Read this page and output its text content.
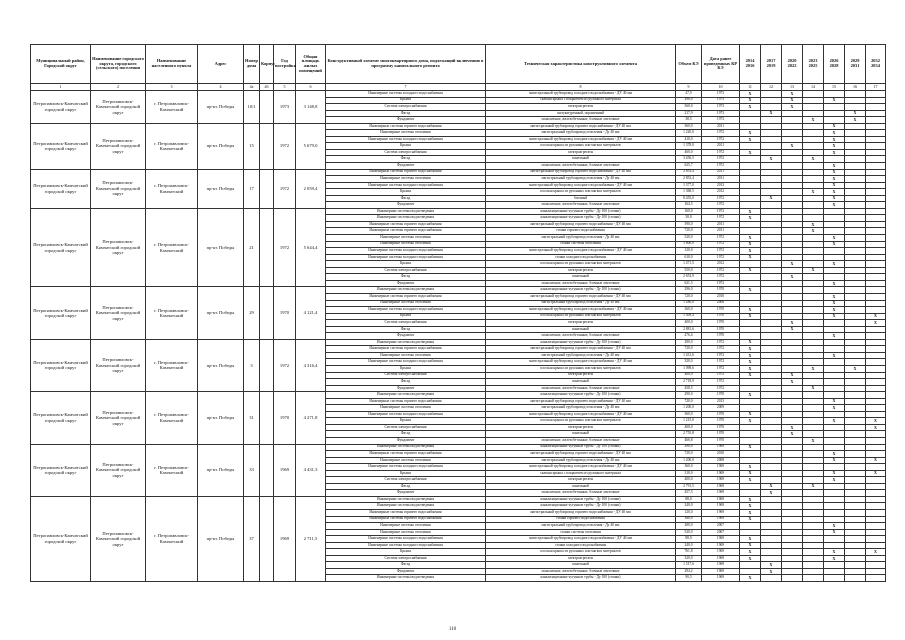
Муниципальный район, Городской округ	Наименование городского округа, городского (сельского) поселения	Наименование населенного пункта	Адрес	Номер дома	Корпус	Год постройки	Общая площадь жилых помещений	Конструктивный элемент многоквартирного дома, подлежащий включению в программу капитального ремонта	Техническая характеристика конструктивного элемента	Объем КЭ	Дата ранее проведенных КР КЭ	2014 2016	2017 2019	2020 2022	2023 2025	2026 2028	2029 2031	2032 2034
1	2	3	4	4а	4б	5	6	7	8	9	10	11	12	13	14	15	16	17
Петропавловск-Камчатский городской округ	Петропавловск-Камчатский городской округ	г. Петропавловск-Камчатский	пр-кт. Победы	10/1		1973	3 148,8	Инженерные системы холодного водоснабжения	магистральный трубопровод холодного водоснабжения - ДУ 40 мм	47,5	1973	X		X				
								Крыша	скатная крыша с покрытием из рулонного материала	296,0	1973	X		X		X		
								Система электроснабжения	электроагрегаты	560,0	1973	X		X				
								Фасад	оштукатуренный, окрашенный	217,9	1973		X				X	
								Фундамент	монолитные, железобетонные, блочные ленточные	38,5	1973				X		X	
Петропавловск-Камчатский городской округ	Петропавловск-Камчатский городской округ	г. Петропавловск-Камчатский	пр-кт. Победы	15		1972	5 679,0	Инженерные системы горячего водоснабжения	магистральный трубопровод горячего водоснабжения - ДУ 40 мм	360,0	2011					X		
								Инженерные системы отопления	магистральный трубопровод отопления - Ду 40 мм	1 220,0	1972	X				X		
								Инженерные системы холодного водоснабжения	магистральный трубопровод холодного водоснабжения - ДУ 40 мм	410,0	1972	X				X		
								Крыша	плоская крыша из рулонных или мягких материалов	1 378,0	2011			X		X		
								Система электроснабжения	электроагрегаты	460,0	1972	X				X		
								Фасад	панельный	3 456,5	1972		X		X			
								Фундамент	монолитные, железобетонные, блочные ленточные	625,7	1972					X		
Петропавловск-Камчатский городской округ	Петропавловск-Камчатский городской округ	г. Петропавловск-Камчатский	пр-кт. Победы	17		1972	2 059,4	Инженерные системы горячего водоснабжения	магистральный трубопровод горячего водоснабжения - ДУ 40 мм	2 853,4	2011					X		
								Инженерные системы отопления	магистральный трубопровод отопления - Ду 40 мм	2 853,4	2011					X		
								Инженерные системы холодного водоснабжения	магистральный трубопровод холодного водоснабжения - ДУ 40 мм	1 377,0	2013					X		
								Крыша	плоская крыша из рулонных или мягких материалов	1 368,5	2012				X	X		
								Фасад	блочный	8 455,0	1972		X			X		
								Фундамент	монолитные, железобетонные, блочные ленточные	164,5	1972					X		
Петропавловск-Камчатский городской округ	Петропавловск-Камчатский городской округ	г. Петропавловск-Камчатский	пр-кт. Победы	21		1972	5 644,4	Инженерные системы водоотведения	канализационные чугунные трубы - Ду 100 (стояки)	160,0	1972	X						
								Инженерные системы водоотведения	канализационные чугунные трубы - Ду 100 (стояки)	50,0	1972	X						
								Инженерные системы горячего водоснабжения	магистральный трубопровод горячего водоснабжения - ДУ 40 мм	390,0	2011				X			
								Инженерные системы горячего водоснабжения	стояки горячего водоснабжения	720,0	2011				X			
								Инженерные системы отопления	магистральный трубопровод отопления - Ду 40 мм	520,0	1972	X				X		
								Инженерные системы отопления	стояки системы отопления	1 800,0	1972	X				X		
								Инженерные системы холодного водоснабжения	магистральный трубопровод холодного водоснабжения - ДУ 40 мм	120,0	1972	X						
								Инженерные системы холодного водоснабжения	стояки холодного водоснабжения	610,0	1972	X						
								Крыша	плоская крыша из рулонных или мягких материалов	1 471,5	2012			X		X		
								Система электроснабжения	электроагрегаты	550,0	1972	X			X			
								Фасад	панельный	2 653,9	1972			X				
								Фундамент	монолитные, железобетонные, блочные ленточные	621,5	1972					X		
Петропавловск-Камчатский городской округ	Петропавловск-Камчатский городской округ	г. Петропавловск-Камчатский	пр-кт. Победы	29		1970	4 121,4	Инженерные системы водоотведения	канализационные чугунные трубы - Ду 100 (стояки)	296,0	1970	X						
								Инженерные системы горячего водоснабжения	магистральный трубопровод горячего водоснабжения - ДУ 40 мм	720,0	2010					X		
								Инженерные системы отопления	магистральный трубопровод отопления - Ду 40 мм	1 280,0	2006					X		
								Инженерные системы холодного водоснабжения	магистральный трубопровод холодного водоснабжения - ДУ 40 мм	360,0	1970	X				X		
								Крыша	плоская крыша из рулонных или мягких материалов	1 309,4	1970	X				X		X
								Система электроснабжения	электроагрегаты	400,0	1970			X				X
								Фасад	панельный	2 881,6	1970			X				
								Фундамент	монолитные, железобетонные, блочные ленточные	476,4	1970					X		
Петропавловск-Камчатский городской округ	Петропавловск-Камчатский городской округ	г. Петропавловск-Камчатский	пр-кт. Победы	3		1972	4 316,4	Инженерные системы водоотведения	канализационные чугунные трубы - Ду 100 (стояки)	290,0	1972	X						
								Инженерные системы горячего водоснабжения	магистральный трубопровод горячего водоснабжения - ДУ 40 мм	720,0	1972	X						
								Инженерные системы отопления	магистральный трубопровод отопления - Ду 40 мм	1 431,6	1972	X				X		
								Инженерные системы холодного водоснабжения	магистральный трубопровод холодного водоснабжения - ДУ 40 мм	320,0	1972	X						
								Крыша	плоская крыша из рулонных или мягких материалов	1 098,6	1972	X			X		X	
								Система электроснабжения	электроагрегаты	400,0	1972	X		X				
								Фасад	панельный	2 718,9	1972			X				
								Фундамент	монолитные, железобетонные, блочные ленточные	458,5	1972				X			
Петропавловск-Камчатский городской округ	Петропавловск-Камчатский городской округ	г. Петропавловск-Камчатский	пр-кт. Победы	31		1970	4 271,8	Инженерные системы водоотведения	канализационные чугунные трубы - Ду 100 (стояки)	290,0	1970	X						
								Инженерные системы горячего водоснабжения	магистральный трубопровод горячего водоснабжения - ДУ 40 мм	720,0	2013					X		
								Инженерные системы отопления	магистральный трубопровод отопления - Ду 40 мм	1 200,0	2009					X		
								Инженерные системы холодного водоснабжения	магистральный трубопровод холодного водоснабжения - ДУ 40 мм	360,0	1970	X						
								Крыша	плоская крыша из рулонных или мягких материалов	1 215,0	1970	X				X		X
								Система электроснабжения	электроагрегаты	400,0	1970			X				X
								Фасад	панельный	2 755,8	1970			X				
								Фундамент	монолитные, железобетонные, блочные ленточные	466,8	1970				X			
Петропавловск-Камчатский городской округ	Петропавловск-Камчатский городской округ	г. Петропавловск-Камчатский	пр-кт. Победы	33		1969	4 431,3	Инженерные системы водоотведения	канализационные чугунные трубы - Ду 100 (стояки)	290,0	1969	X						
								Инженерные системы горячего водоснабжения	магистральный трубопровод горячего водоснабжения - ДУ 40 мм	720,0	2010					X		
								Инженерные системы отопления	магистральный трубопровод отопления - Ду 40 мм	1 200,0	2008					X		X
								Инженерные системы холодного водоснабжения	магистральный трубопровод холодного водоснабжения - ДУ 40 мм	360,0	1969	X						
								Крыша	скатная крыша с покрытием из рулонного материала	310,0	1969	X				X		X
								Система электроснабжения	электроагрегаты	400,0	1969	X				X		
								Фасад	панельный	2 791,5	1969		X		X			
								Фундамент	монолитные, железобетонные, блочные ленточные	457,3	1969		X					
Петропавловск-Камчатский городской округ	Петропавловск-Камчатский городской округ	г. Петропавловск-Камчатский	пр-кт. Победы	37		1969	2 711,5	Инженерные системы водоотведения	канализационные чугунные трубы - Ду 100 (стояки)	88,0	1969	X						
								Инженерные системы водоотведения	канализационные чугунные трубы - Ду 100 (стояки)	240,0	1969	X						
								Инженерные системы горячего водоснабжения	магистральный трубопровод горячего водоснабжения - ДУ 40 мм	120,0	1969	X						
								Инженерные системы горячего водоснабжения	стояки горячего водоснабжения	360,0	1969	X						
								Инженерные системы отопления	магистральный трубопровод отопления - Ду 40 мм	280,0	2007					X		
								Инженерные системы отопления	стояки системы отопления	520,0	2007					X		
								Инженерные системы холодного водоснабжения	магистральный трубопровод холодного водоснабжения - ДУ 40 мм	88,0	1969	X						
								Инженерные системы холодного водоснабжения	стояки холодного водоснабжения	240,0	1969	X						
								Крыша	плоская крыша из рулонных или мягких материалов	761,8	1969	X				X		X
								Система электроснабжения	электроагрегаты	320,0	1969	X				X		
								Фасад	панельный	1 517,6	1969		X					
								Фундамент	монолитные, железобетонные, блочные ленточные	294,2	1969		X					
								Инженерные системы водоотведения	канализационные чугунные трубы - Ду 100 (стояки)	90,5	1969	X						
110
